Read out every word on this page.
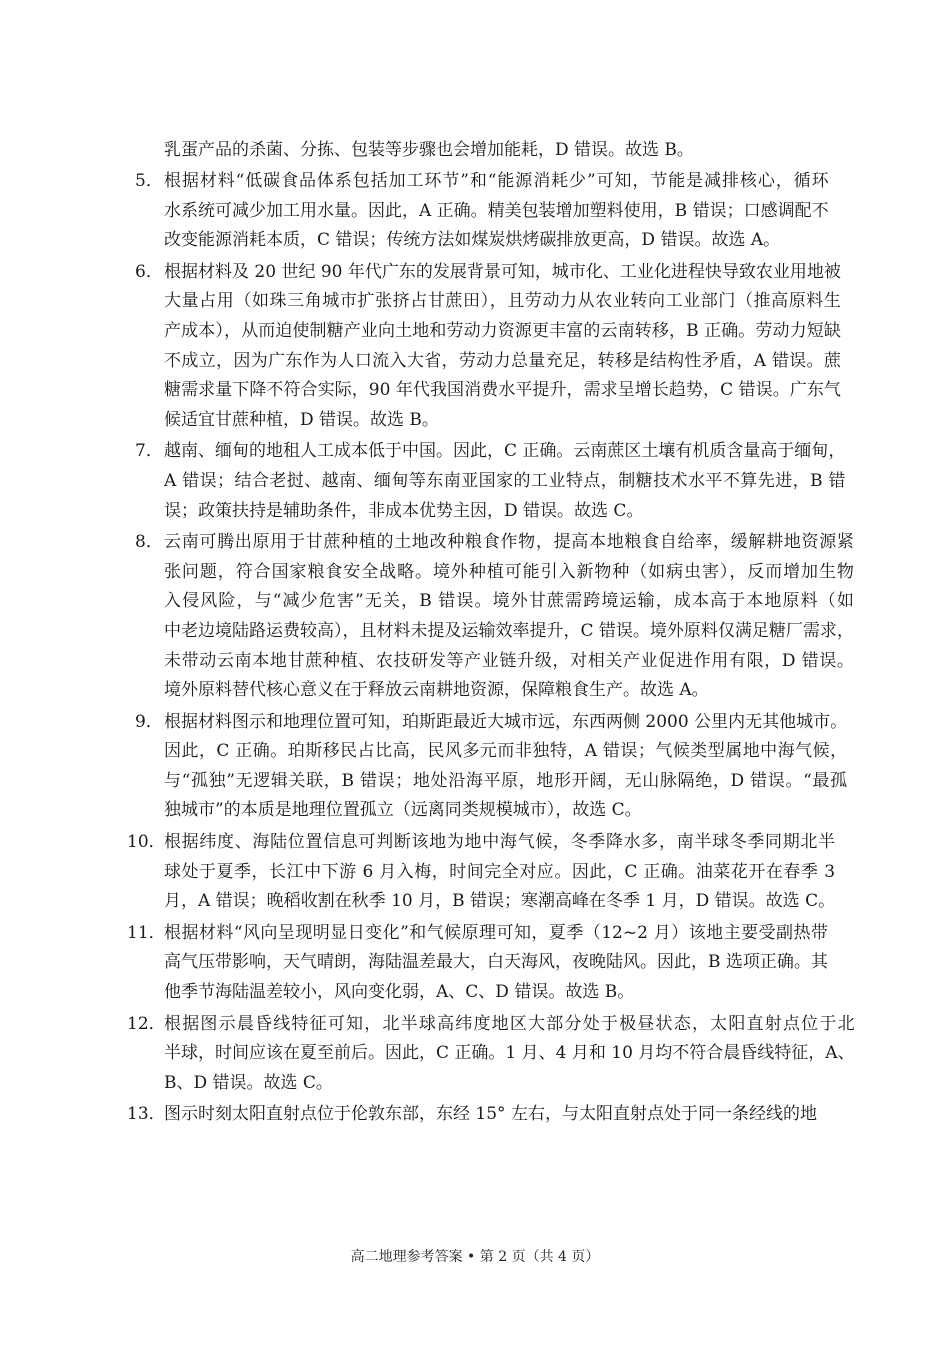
乳蛋产品的杀菌、分拣、包装等步骤也会增加能耗，D 错误。故选 B。
5． 根据材料“低碳食品体系包括加工环节”和“能源消耗少”可知，节能是减排核心，循环
水系统可减少加工用水量。因此，A 正确。精美包装增加塑料使用，B 错误；口感调配不
改变能源消耗本质，C 错误；传统方法如煤炭烘烤碳排放更高，D 错误。故选 A。
6． 根据材料及 20 世纪 90 年代广东的发展背景可知，城市化、工业化进程快导致农业用地被
大量占用（如珠三角城市扩张挤占甘蔗田），且劳动力从农业转向工业部门（推高原料生
产成本），从而迫使制糖产业向土地和劳动力资源更丰富的云南转移，B 正确。劳动力短缺
不成立，因为广东作为人口流入大省，劳动力总量充足，转移是结构性矛盾，A 错误。蔗
糖需求量下降不符合实际，90 年代我国消费水平提升，需求呈增长趋势，C 错误。广东气
候适宜甘蔗种植，D 错误。故选 B。
7． 越南、缅甸的地租人工成本低于中国。因此，C 正确。云南蔗区土壤有机质含量高于缅甸，
A 错误；结合老挝、越南、缅甸等东南亚国家的工业特点，制糖技术水平不算先进，B 错
误；政策扶持是辅助条件，非成本优势主因，D 错误。故选 C。
8． 云南可腾出原用于甘蔗种植的土地改种粮食作物，提高本地粮食自给率，缓解耕地资源紧
张问题，符合国家粮食安全战略。境外种植可能引入新物种（如病虫害），反而增加生物
入侵风险，与“减少危害”无关，B 错误。境外甘蔗需跨境运输，成本高于本地原料（如
中老边境陆路运费较高），且材料未提及运输效率提升，C 错误。境外原料仅满足糖厂需求，
未带动云南本地甘蔗种植、农技研发等产业链升级，对相关产业促进作用有限，D 错误。
境外原料替代核心意义在于释放云南耕地资源，保障粮食生产。故选 A。
9． 根据材料图示和地理位置可知，珀斯距最近大城市远，东西两侧 2000 公里内无其他城市。
因此，C 正确。珀斯移民占比高，民风多元而非独特，A 错误；气候类型属地中海气候，
与“孤独”无逻辑关联，B 错误；地处沿海平原，地形开阔，无山脉隔绝，D 错误。“最孤
独城市”的本质是地理位置孤立（远离同类规模城市），故选 C。
10．
根据纬度、海陆位置信息可判断该地为地中海气候，冬季降水多，南半球冬季同期北半
球处于夏季，长江中下游 6 月入梅，时间完全对应。因此，C 正确。油菜花开在春季 3
月，A 错误；晚稻收割在秋季 10 月，B 错误；寒潮高峰在冬季 1 月，D 错误。故选 C。
11．
根据材料“风向呈现明显日变化”和气候原理可知，夏季（12~2 月）该地主要受副热带
高气压带影响，天气晴朗，海陆温差最大，白天海风，夜晚陆风。因此，B 选项正确。其
他季节海陆温差较小，风向变化弱，A、C、D 错误。故选 B。
12．
根据图示晨昏线特征可知，北半球高纬度地区大部分处于极昼状态，太阳直射点位于北
半球，时间应该在夏至前后。因此，C 正确。1 月、4 月和 10 月均不符合晨昏线特征，A、
B、D 错误。故选 C。
13．
图示时刻太阳直射点位于伦敦东部，东经 15° 左右，与太阳直射点处于同一条经线的地
高二地理参考答案 • 第 2 页（共 4 页）
